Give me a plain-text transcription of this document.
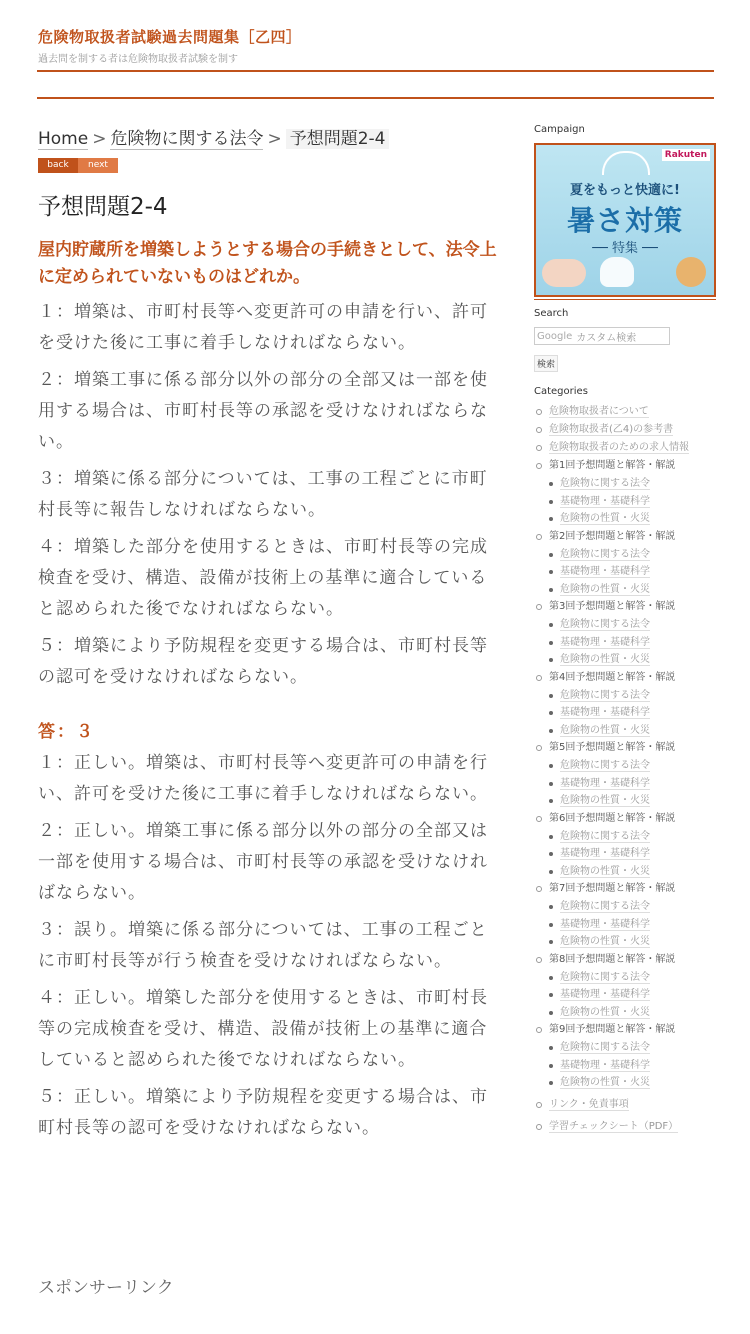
危険物取扱者試験過去問題集［乙四］
過去問を制する者は危険物取扱者試験を制す
Home > 危険物に関する法令 > 予想問題2-4
back	next
予想問題2-4
屋内貯蔵所を増築しようとする場合の手続きとして、法令上に定められていないものはどれか。

１：増築は、市町村長等へ変更許可の申請を行い、許可を受けた後に工事に着手しなければならない。

２：増築工事に係る部分以外の部分の全部又は一部を使用する場合は、市町村長等の承認を受けなければならない。

３：増築に係る部分については、工事の工程ごとに市町村長等に報告しなければならない。

４：増築した部分を使用するときは、市町村長等の完成検査を受け、構造、設備が技術上の基準に適合していると認められた後でなければならない。

５：増築により予防規程を変更する場合は、市町村長等の認可を受けなければならない。

答：３

１：正しい。増築は、市町村長等へ変更許可の申請を行い、許可を受けた後に工事に着手しなければならない。

２：正しい。増築工事に係る部分以外の部分の全部又は一部を使用する場合は、市町村長等の承認を受けなければならない。

３：誤り。増築に係る部分については、工事の工程ごとに市町村長等が行う検査を受けなければならない。

４：正しい。増築した部分を使用するときは、市町村長等の完成検査を受け、構造、設備が技術上の基準に適合していると認められた後でなければならない。

５：正しい。増築により予防規程を変更する場合は、市町村長等の認可を受けなければならない。

スポンサーリンク
Campaign
Rakuten
夏をもっと快適に!
暑さ対策
── 特集 ──
Search
Google カスタム検索
検索
Categories
危険物取扱者について
危険物取扱者(乙4)の参考書
危険物取扱者のための求人情報
第1回予想問題と解答・解説
危険物に関する法令
基礎物理・基礎科学
危険物の性質・火災
第2回予想問題と解答・解説
危険物に関する法令
基礎物理・基礎科学
危険物の性質・火災
第3回予想問題と解答・解説
危険物に関する法令
基礎物理・基礎科学
危険物の性質・火災
第4回予想問題と解答・解説
危険物に関する法令
基礎物理・基礎科学
危険物の性質・火災
第5回予想問題と解答・解説
危険物に関する法令
基礎物理・基礎科学
危険物の性質・火災
第6回予想問題と解答・解説
危険物に関する法令
基礎物理・基礎科学
危険物の性質・火災
第7回予想問題と解答・解説
危険物に関する法令
基礎物理・基礎科学
危険物の性質・火災
第8回予想問題と解答・解説
危険物に関する法令
基礎物理・基礎科学
危険物の性質・火災
第9回予想問題と解答・解説
危険物に関する法令
基礎物理・基礎科学
危険物の性質・火災
リンク・免責事項
学習チェックシート（PDF）
